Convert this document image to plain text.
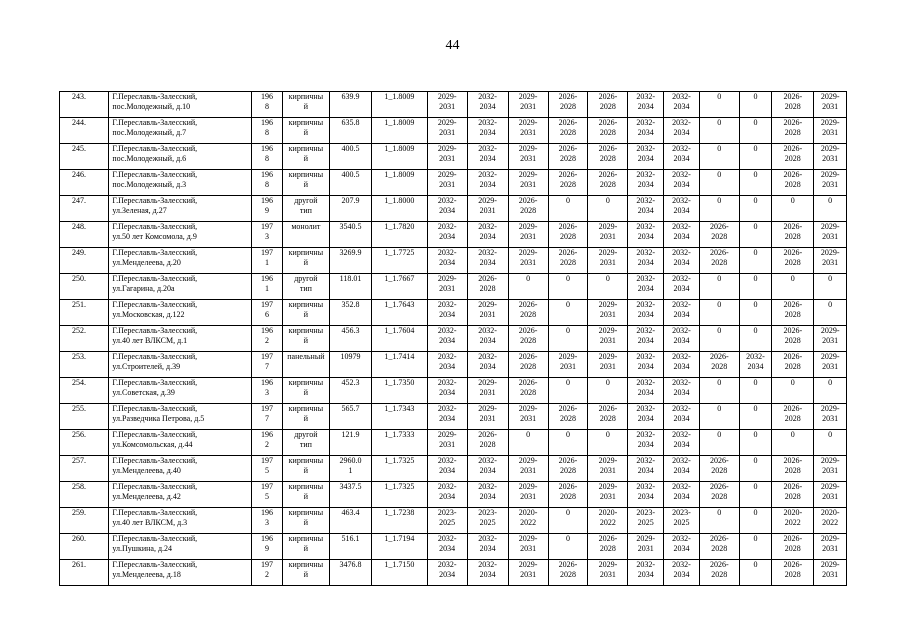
44
243.	Г.Переславль-Залесский,
пос.Молодежный, д.10	196
8	кирпичны
й	639.9	1_1.8009	2029-
2031	2032-
2034	2029-
2031	2026-
2028	2026-
2028	2032-
2034	2032-
2034	0	0	2026-
2028	2029-
2031
244.	Г.Переславль-Залесский,
пос.Молодежный, д.7	196
8	кирпичны
й	635.8	1_1.8009	2029-
2031	2032-
2034	2029-
2031	2026-
2028	2026-
2028	2032-
2034	2032-
2034	0	0	2026-
2028	2029-
2031
245.	Г.Переславль-Залесский,
пос.Молодежный, д.6	196
8	кирпичны
й	400.5	1_1.8009	2029-
2031	2032-
2034	2029-
2031	2026-
2028	2026-
2028	2032-
2034	2032-
2034	0	0	2026-
2028	2029-
2031
246.	Г.Переславль-Залесский,
пос.Молодежный, д.3	196
8	кирпичны
й	400.5	1_1.8009	2029-
2031	2032-
2034	2029-
2031	2026-
2028	2026-
2028	2032-
2034	2032-
2034	0	0	2026-
2028	2029-
2031
247.	Г.Переславль-Залесский,
ул.Зеленая, д.27	196
9	другой
тип	207.9	1_1.8000	2032-
2034	2029-
2031	2026-
2028	0	0	2032-
2034	2032-
2034	0	0	0	0
248.	Г.Переславль-Залесский,
ул.50 лет Комсомола, д.9	197
3	монолит	3540.5	1_1.7820	2032-
2034	2032-
2034	2029-
2031	2026-
2028	2029-
2031	2032-
2034	2032-
2034	2026-
2028	0	2026-
2028	2029-
2031
249.	Г.Переславль-Залесский,
ул.Менделеева, д.20	197
1	кирпичны
й	3269.9	1_1.7725	2032-
2034	2032-
2034	2029-
2031	2026-
2028	2029-
2031	2032-
2034	2032-
2034	2026-
2028	0	2026-
2028	2029-
2031
250.	Г.Переславль-Залесский,
ул.Гагарина, д.20а	196
1	другой
тип	118.01	1_1.7667	2029-
2031	2026-
2028	0	0	0	2032-
2034	2032-
2034	0	0	0	0
251.	Г.Переславль-Залесский,
ул.Московская, д.122	197
6	кирпичны
й	352.8	1_1.7643	2032-
2034	2029-
2031	2026-
2028	0	2029-
2031	2032-
2034	2032-
2034	0	0	2026-
2028	0
252.	Г.Переславль-Залесский,
ул.40 лет ВЛКСМ, д.1	196
2	кирпичны
й	456.3	1_1.7604	2032-
2034	2032-
2034	2026-
2028	0	2029-
2031	2032-
2034	2032-
2034	0	0	2026-
2028	2029-
2031
253.	Г.Переславль-Залесский,
ул.Строителей, д.39	197
7	панельный	10979	1_1.7414	2032-
2034	2032-
2034	2026-
2028	2029-
2031	2029-
2031	2032-
2034	2032-
2034	2026-
2028	2032-
2034	2026-
2028	2029-
2031
254.	Г.Переславль-Залесский,
ул.Советская, д.39	196
3	кирпичны
й	452.3	1_1.7350	2032-
2034	2029-
2031	2026-
2028	0	0	2032-
2034	2032-
2034	0	0	0	0
255.	Г.Переславль-Залесский,
ул.Разведчика Петрова, д.5	197
7	кирпичны
й	565.7	1_1.7343	2032-
2034	2029-
2031	2029-
2031	2026-
2028	2026-
2028	2032-
2034	2032-
2034	0	0	2026-
2028	2029-
2031
256.	Г.Переславль-Залесский,
ул.Комсомольская, д.44	196
2	другой
тип	121.9	1_1.7333	2029-
2031	2026-
2028	0	0	0	2032-
2034	2032-
2034	0	0	0	0
257.	Г.Переславль-Залесский,
ул.Менделеева, д.40	197
5	кирпичны
й	2960.0
1	1_1.7325	2032-
2034	2032-
2034	2029-
2031	2026-
2028	2029-
2031	2032-
2034	2032-
2034	2026-
2028	0	2026-
2028	2029-
2031
258.	Г.Переславль-Залесский,
ул.Менделеева, д.42	197
5	кирпичны
й	3437.5	1_1.7325	2032-
2034	2032-
2034	2029-
2031	2026-
2028	2029-
2031	2032-
2034	2032-
2034	2026-
2028	0	2026-
2028	2029-
2031
259.	Г.Переславль-Залесский,
ул.40 лет ВЛКСМ, д.3	196
3	кирпичны
й	463.4	1_1.7238	2023-
2025	2023-
2025	2020-
2022	0	2020-
2022	2023-
2025	2023-
2025	0	0	2020-
2022	2020-
2022
260.	Г.Переславль-Залесский,
ул.Пушкина, д.24	196
9	кирпичны
й	516.1	1_1.7194	2032-
2034	2032-
2034	2029-
2031	0	2026-
2028	2029-
2031	2032-
2034	2026-
2028	0	2026-
2028	2029-
2031
261.	Г.Переславль-Залесский,
ул.Менделеева, д.18	197
2	кирпичны
й	3476.8	1_1.7150	2032-
2034	2032-
2034	2029-
2031	2026-
2028	2029-
2031	2032-
2034	2032-
2034	2026-
2028	0	2026-
2028	2029-
2031
